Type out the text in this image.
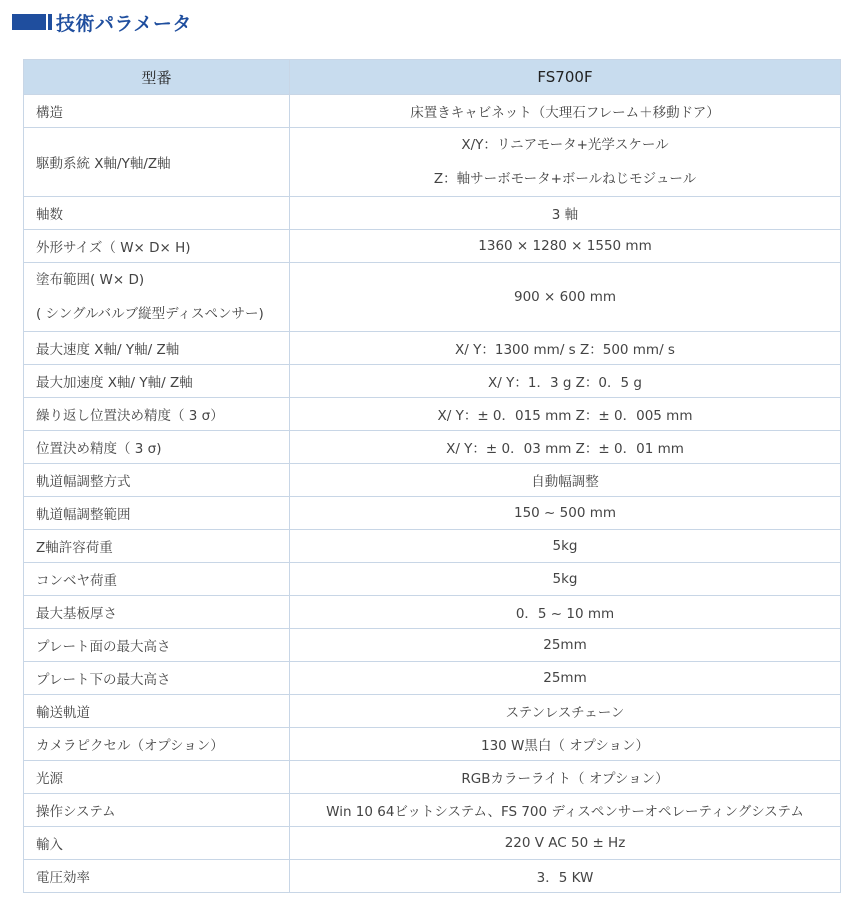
技術パラメータ
型番	FS700F
構造	床置きキャビネット（大理石フレーム＋移動ドア）
駆動系統 X軸/Y軸/Z軸	X/Y：リニアモータ+光学スケール
Z：軸サーボモータ+ボールねじモジュール

軸数	3 軸
外形サイズ（ W× D× H)	1360 × 1280 × 1550 mm

塗布範囲( W× D)
( シングルバルブ縦型ディスペンサー)	900 × 600 mm
最大速度 X軸/ Y軸/ Z軸	X/ Y：1300 mm/ s Z：500 mm/ s
最大加速度 X軸/ Y軸/ Z軸	X/ Y：1．3 g Z：0．5 g
繰り返し位置決め精度（ 3 σ）	X/ Y：± 0．015 mm Z：± 0．005 mm
位置決め精度（ 3 σ)	X/ Y：± 0．03 mm Z：± 0．01 mm
軌道幅調整方式	自動幅調整
軌道幅調整範囲	150 ~ 500 mm
Z軸許容荷重	5kg
コンベヤ荷重	5kg
最大基板厚さ	0．5 ~ 10 mm
プレート面の最大高さ	25mm
プレート下の最大高さ	25mm
輸送軌道	ステンレスチェーン
カメラピクセル（オプション）	130 W黒白（ オプション）
光源	RGBカラーライト（ オプション）
操作システム	Win 10 64ビットシステム、FS 700 ディスペンサーオペレーティングシステム
輸入	220 V AC 50 ± Hz
電圧効率	3．5 KW
